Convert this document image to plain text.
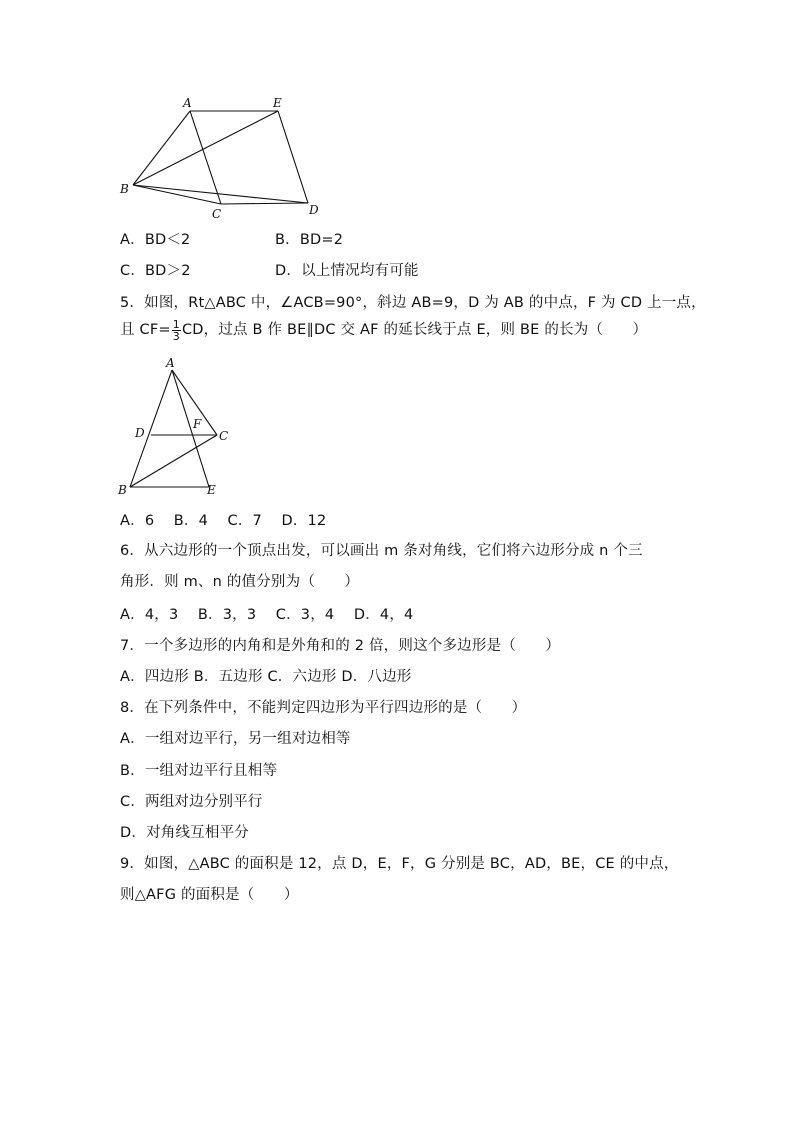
A	E
B
C	D
A．BD＜2	B．BD=2
C．BD＞2	D．以上情况均有可能
5．如图，Rt△ABC 中，∠ACB=90°，斜边 AB=9，D 为 AB 的中点，F 为 CD 上一点，
且 $CF= \frac{1}{3}$ CD，过点 B 作 BE∥DC 交 AF 的延长线于点 E，则 BE 的长为（　　）
A
D
F
C
B	E
A．6　 B．4　 C．7　 D．12
6．从六边形的一个顶点出发，可以画出 m 条对角线，它们将六边形分成 n 个三
角形．则 m、n 的值分别为（　　）
A．4，3　 B．3，3　 C．3，4　 D．4，4
7．一个多边形的内角和是外角和的 2 倍，则这个多边形是（　　）
A．四边形 B．五边形 C．六边形 D．八边形
8．在下列条件中，不能判定四边形为平行四边形的是（　　）
A．一组对边平行，另一组对边相等
B．一组对边平行且相等
C．两组对边分别平行
D．对角线互相平分
9．如图，△ABC 的面积是 12，点 D，E，F，G 分别是 BC，AD，BE，CE 的中点，
则△AFG 的面积是（　　）
